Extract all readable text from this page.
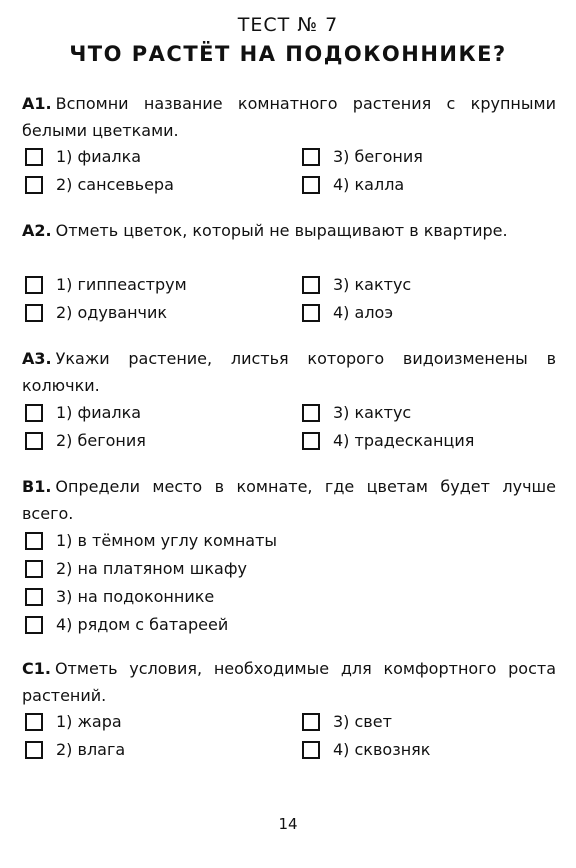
ТЕСТ № 7
ЧТО РАСТЁТ НА ПОДОКОННИКЕ?
А1. Вспомни название комнатного растения с крупными белыми цветками.
1) фиалка	3) бегония
2) сансевьера	4) калла
А2. Отметь цветок, который не выращивают в квартире.
1) гиппеаструм	3) кактус
2) одуванчик	4) алоэ
А3. Укажи растение, листья которого видоизменены в колючки.
1) фиалка	3) кактус
2) бегония	4) традесканция
В1. Определи место в комнате, где цветам будет лучше всего.
1) в тёмном углу комнаты
2) на платяном шкафу
3) на подоконнике
4) рядом с батареей
С1. Отметь условия, необходимые для комфортного роста растений.
1) жара	3) свет
2) влага	4) сквозняк
14
